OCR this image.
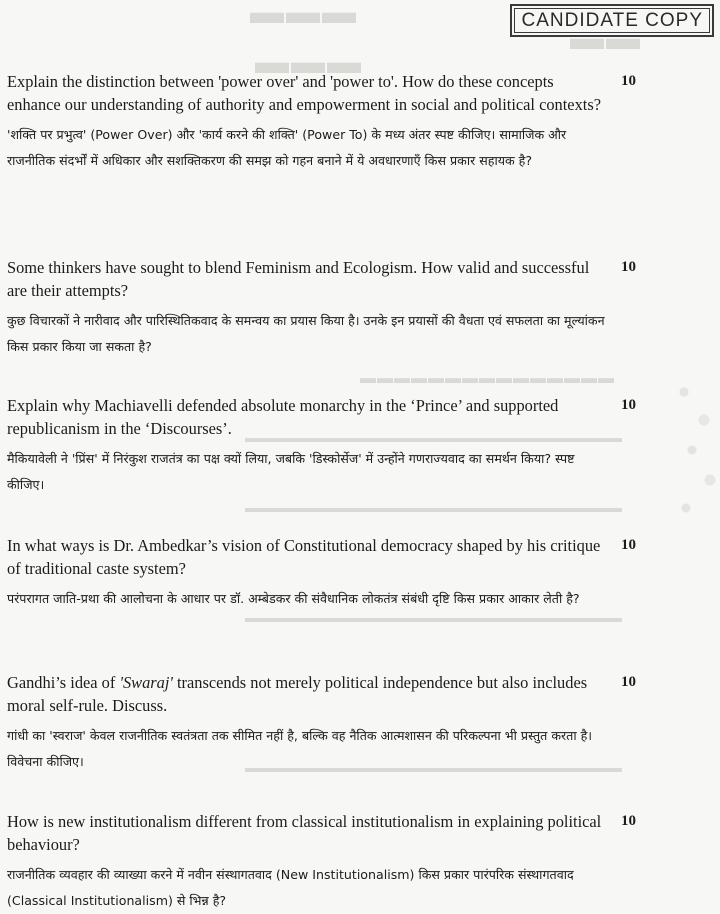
▬▬▬
▬▬
▬▬▬
▬▬▬▬▬▬▬▬▬▬▬▬▬▬▬
▬▬▬▬▬▬▬▬▬▬▬▬▬▬▬▬▬▬▬▬▬▬▬▬▬▬▬▬▬
▬▬▬▬▬▬▬▬▬▬▬▬▬▬▬▬▬▬▬▬▬▬▬▬▬▬▬▬▬
▬▬▬▬▬▬▬▬▬▬▬▬▬▬▬▬▬▬▬▬▬▬▬▬▬▬▬▬▬
▬▬▬▬▬▬▬▬▬▬▬▬▬▬▬▬▬▬▬▬▬▬▬▬▬▬▬▬▬
CANDIDATE COPY

Explain the distinction between 'power over' and 'power to'. How do these concepts enhance our understanding of authority and empowerment in social and political contexts?

'शक्ति पर प्रभुत्व' (Power Over) और 'कार्य करने की शक्ति' (Power To) के मध्य अंतर स्पष्ट कीजिए। सामाजिक और राजनीतिक संदर्भों में अधिकार और सशक्तिकरण की समझ को गहन बनाने में ये अवधारणाएँ किस प्रकार सहायक है?

10

Some thinkers have sought to blend Feminism and Ecologism. How valid and successful are their attempts?

कुछ विचारकों ने नारीवाद और पारिस्थितिकवाद के समन्वय का प्रयास किया है। उनके इन प्रयासों की वैधता एवं सफलता का मूल्यांकन किस प्रकार किया जा सकता है?

10

Explain why Machiavelli defended absolute monarchy in the ‘Prince’ and supported republicanism in the ‘Discourses’.

मैकियावेली ने 'प्रिंस' में निरंकुश राजतंत्र का पक्ष क्यों लिया, जबकि 'डिस्कोर्सेज' में उन्होंने गणराज्यवाद का समर्थन किया? स्पष्ट कीजिए।

10

In what ways is Dr. Ambedkar’s vision of Constitutional democracy shaped by his critique of traditional caste system?

परंपरागत जाति-प्रथा की आलोचना के आधार पर डॉ. अम्बेडकर की संवैधानिक लोकतंत्र संबंधी दृष्टि किस प्रकार आकार लेती है?

10

Gandhi’s idea of 'Swaraj' transcends not merely political independence but also includes moral self-rule. Discuss.

गांधी का 'स्वराज' केवल राजनीतिक स्वतंत्रता तक सीमित नहीं है, बल्कि वह नैतिक आत्मशासन की परिकल्पना भी प्रस्तुत करता है। विवेचना कीजिए।

10

How is new institutionalism different from classical institutionalism in explaining political behaviour?

राजनीतिक व्यवहार की व्याख्या करने में नवीन संस्थागतवाद (New Institutionalism) किस प्रकार पारंपरिक संस्थागतवाद (Classical Institutionalism) से भिन्न है?

10
